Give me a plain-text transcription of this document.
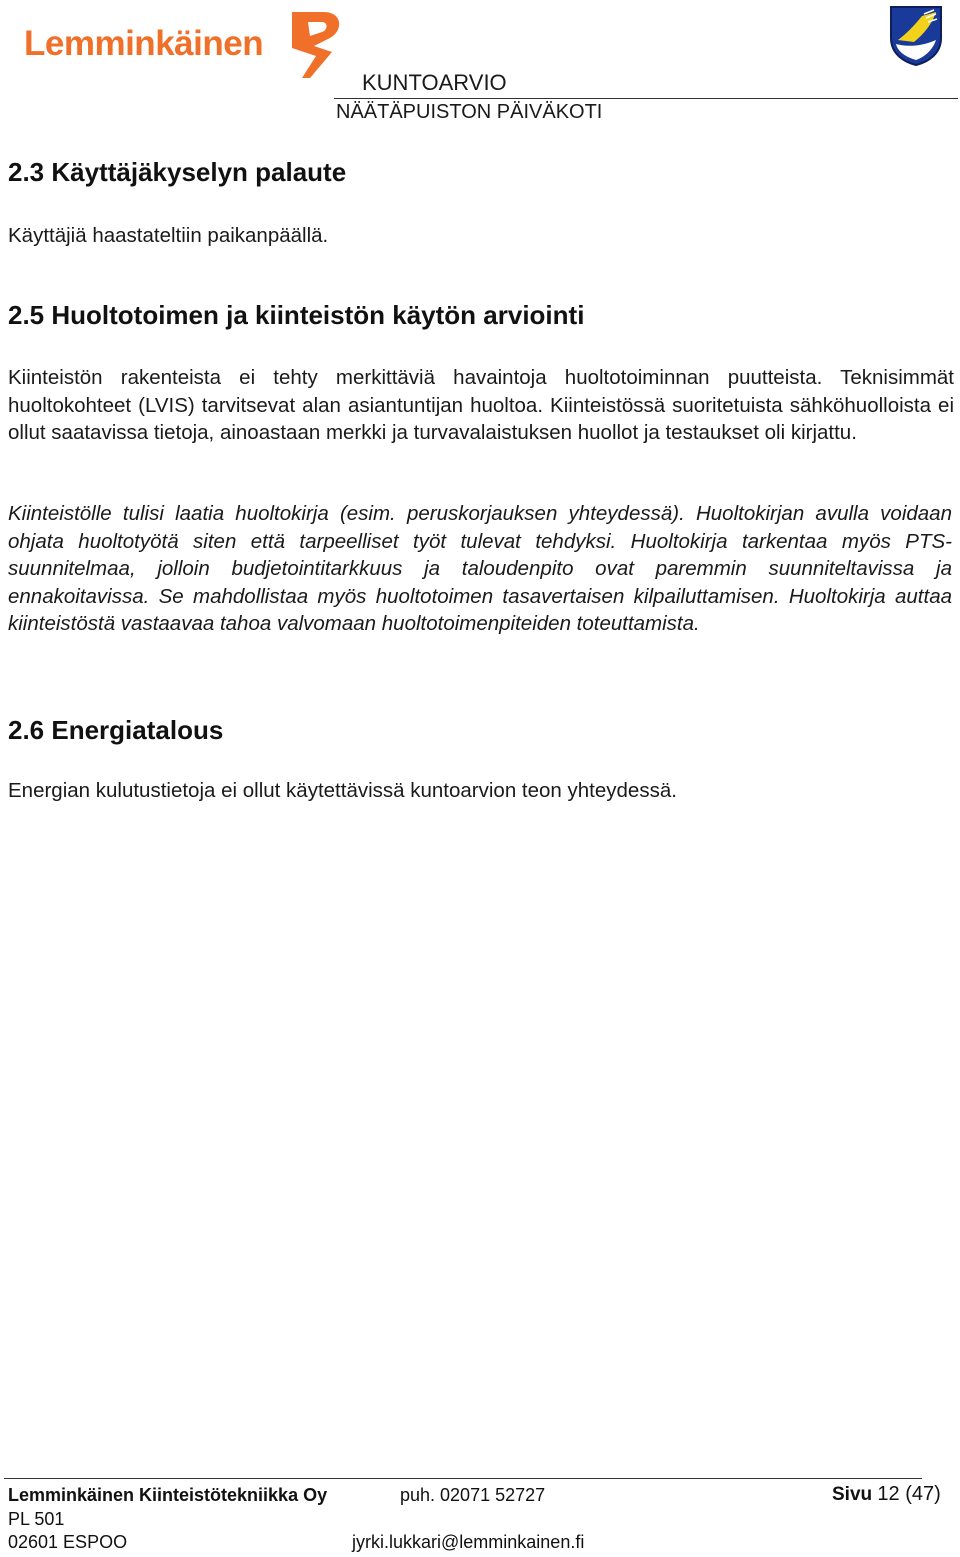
Lemminkäinen
KUNTOARVIO
NÄÄTÄPUISTON PÄIVÄKOTI
2.3 Käyttäjäkyselyn palaute
Käyttäjiä haastateltiin paikanpäällä.
2.5 Huoltotoimen ja kiinteistön käytön arviointi
Kiinteistön rakenteista ei tehty merkittäviä havaintoja huoltotoiminnan puutteista. Teknisimmät huoltokohteet (LVIS) tarvitsevat alan asiantuntijan huoltoa. Kiinteistössä suoritetuista sähköhuolloista ei ollut saatavissa tietoja, ainoastaan merkki ja turvavalaistuksen huollot ja testaukset oli kirjattu.
Kiinteistölle tulisi laatia huoltokirja (esim. peruskorjauksen yhteydessä). Huoltokirjan avulla voidaan ohjata huoltotyötä siten että tarpeelliset työt tulevat tehdyksi. Huoltokirja tarkentaa myös PTS-suunnitelmaa, jolloin budjetointitarkkuus ja taloudenpito ovat paremmin suunniteltavissa ja ennakoitavissa. Se mahdollistaa myös huoltotoimen tasavertaisen kilpailuttamisen. Huoltokirja auttaa kiinteistöstä vastaavaa tahoa valvomaan huoltotoimenpiteiden toteuttamista.
2.6 Energiatalous
Energian kulutustietoja ei ollut käytettävissä kuntoarvion teon yhteydessä.
Lemminkäinen Kiinteistötekniikka Oy	puh. 02071 52727	Sivu 12 (47)
PL 501
02601 ESPOO	jyrki.lukkari@lemminkainen.fi
